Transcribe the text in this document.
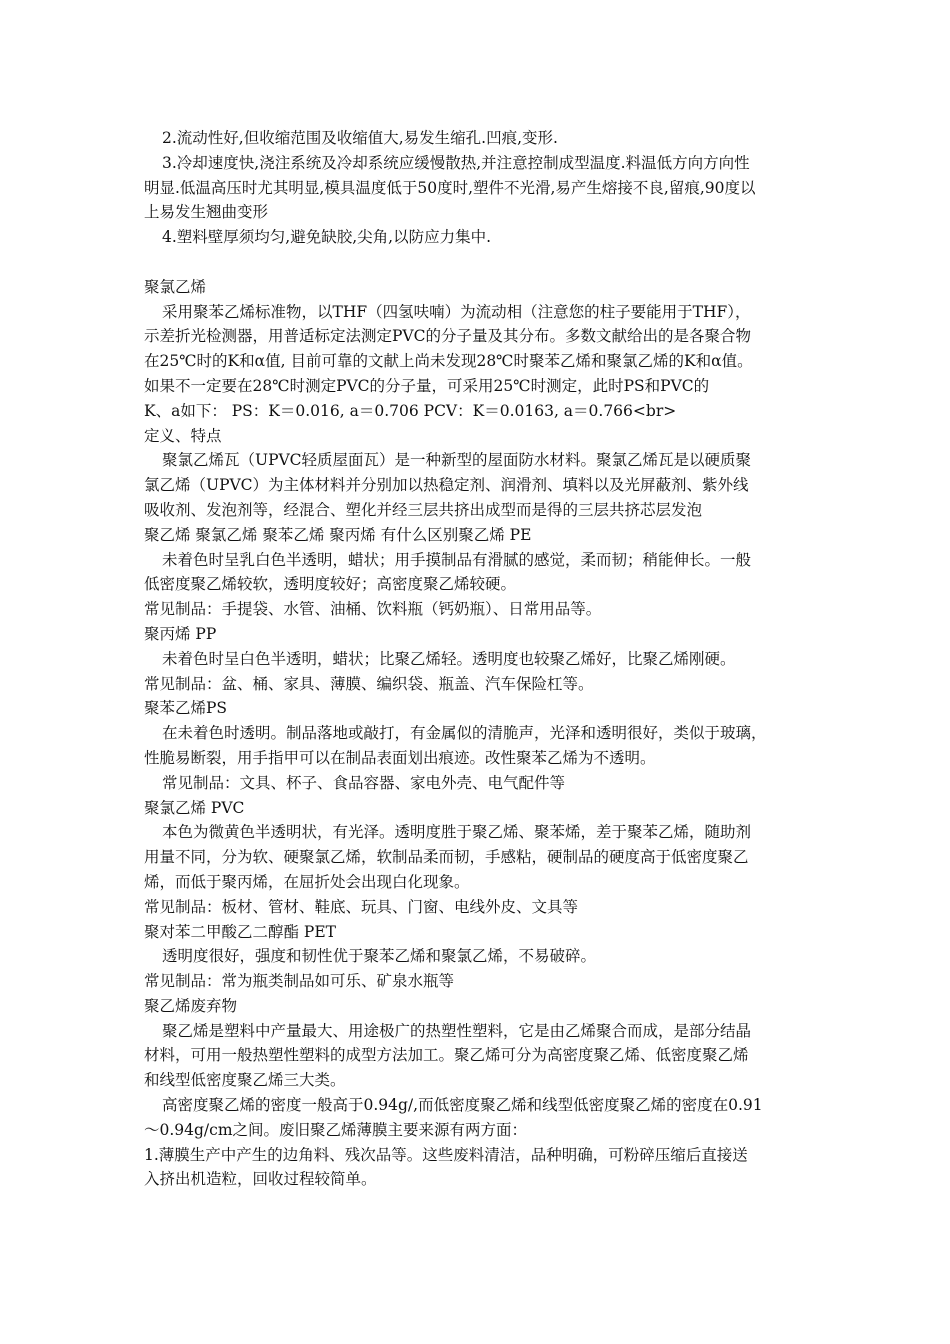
2.流动性好,但收缩范围及收缩值大,易发生缩孔.凹痕,变形.
3.冷却速度快,浇注系统及冷却系统应缓慢散热,并注意控制成型温度.料温低方向方向性
明显.低温高压时尤其明显,模具温度低于50度时,塑件不光滑,易产生熔接不良,留痕,90度以
上易发生翘曲变形
4.塑料壁厚须均匀,避免缺胶,尖角,以防应力集中.
聚氯乙烯
采用聚苯乙烯标准物，以THF（四氢呋喃）为流动相（注意您的柱子要能用于THF），
示差折光检测器，用普适标定法测定PVC的分子量及其分布。多数文献给出的是各聚合物
在25℃时的K和α值, 目前可靠的文献上尚未发现28℃时聚苯乙烯和聚氯乙烯的K和α值。
如果不一定要在28℃时测定PVC的分子量，可采用25℃时测定，此时PS和PVC的
K、a如下： PS：K＝0.016, a＝0.706 PCV：K＝0.0163, a＝0.766<br>
定义、特点
聚氯乙烯瓦（UPVC轻质屋面瓦）是一种新型的屋面防水材料。聚氯乙烯瓦是以硬质聚
氯乙烯（UPVC）为主体材料并分别加以热稳定剂、润滑剂、填料以及光屏蔽剂、紫外线
吸收剂、发泡剂等，经混合、塑化并经三层共挤出成型而是得的三层共挤芯层发泡
聚乙烯 聚氯乙烯 聚苯乙烯 聚丙烯 有什么区别聚乙烯 PE
未着色时呈乳白色半透明，蜡状；用手摸制品有滑腻的感觉，柔而韧；稍能伸长。一般
低密度聚乙烯较软，透明度较好；高密度聚乙烯较硬。
常见制品：手提袋、水管、油桶、饮料瓶（钙奶瓶）、日常用品等。
聚丙烯 PP
未着色时呈白色半透明，蜡状；比聚乙烯轻。透明度也较聚乙烯好，比聚乙烯刚硬。
常见制品：盆、桶、家具、薄膜、编织袋、瓶盖、汽车保险杠等。
聚苯乙烯PS
在未着色时透明。制品落地或敲打，有金属似的清脆声，光泽和透明很好，类似于玻璃，
性脆易断裂，用手指甲可以在制品表面划出痕迹。改性聚苯乙烯为不透明。
常见制品：文具、杯子、食品容器、家电外壳、电气配件等
聚氯乙烯 PVC
本色为微黄色半透明状，有光泽。透明度胜于聚乙烯、聚苯烯，差于聚苯乙烯，随助剂
用量不同，分为软、硬聚氯乙烯，软制品柔而韧，手感粘，硬制品的硬度高于低密度聚乙
烯，而低于聚丙烯，在屈折处会出现白化现象。
常见制品：板材、管材、鞋底、玩具、门窗、电线外皮、文具等
聚对苯二甲酸乙二醇酯 PET
透明度很好，强度和韧性优于聚苯乙烯和聚氯乙烯，不易破碎。
常见制品：常为瓶类制品如可乐、矿泉水瓶等
聚乙烯废弃物
聚乙烯是塑料中产量最大、用途极广的热塑性塑料，它是由乙烯聚合而成，是部分结晶
材料，可用一般热塑性塑料的成型方法加工。聚乙烯可分为高密度聚乙烯、低密度聚乙烯
和线型低密度聚乙烯三大类。
高密度聚乙烯的密度一般高于0.94g/,而低密度聚乙烯和线型低密度聚乙烯的密度在0.91
～0.94g/cm之间。废旧聚乙烯薄膜主要来源有两方面：
1.薄膜生产中产生的边角料、残次品等。这些废料清洁，品种明确，可粉碎压缩后直接送
入挤出机造粒，回收过程较简单。
